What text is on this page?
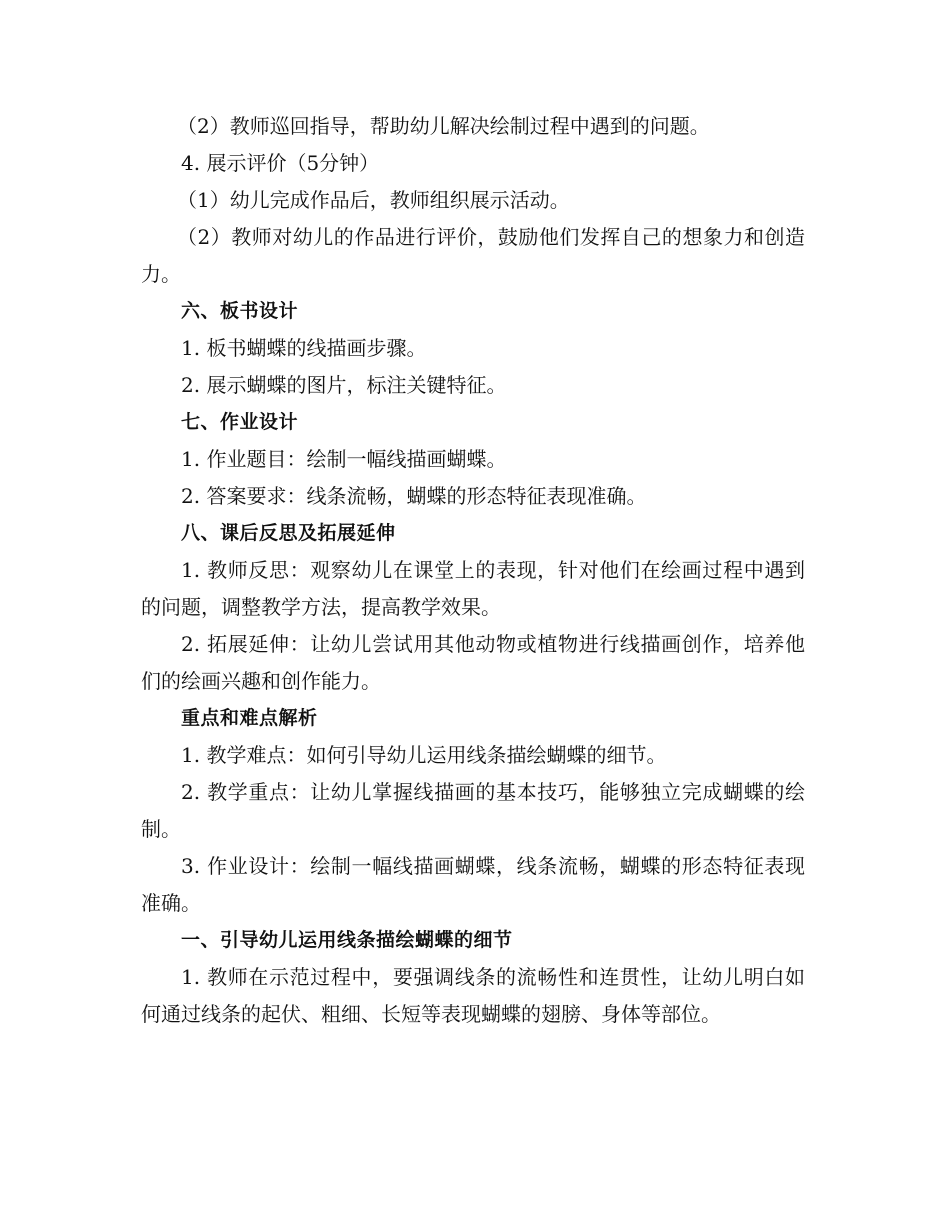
（2）教师巡回指导，帮助幼儿解决绘制过程中遇到的问题。

4. 展示评价（5分钟）

（1）幼儿完成作品后，教师组织展示活动。

（2）教师对幼儿的作品进行评价，鼓励他们发挥自己的想象力和创造力。

六、板书设计

1. 板书蝴蝶的线描画步骤。

2. 展示蝴蝶的图片，标注关键特征。

七、作业设计

1. 作业题目：绘制一幅线描画蝴蝶。

2. 答案要求：线条流畅，蝴蝶的形态特征表现准确。

八、课后反思及拓展延伸

1. 教师反思：观察幼儿在课堂上的表现，针对他们在绘画过程中遇到的问题，调整教学方法，提高教学效果。

2. 拓展延伸：让幼儿尝试用其他动物或植物进行线描画创作，培养他们的绘画兴趣和创作能力。

重点和难点解析

1. 教学难点：如何引导幼儿运用线条描绘蝴蝶的细节。

2. 教学重点：让幼儿掌握线描画的基本技巧，能够独立完成蝴蝶的绘制。

3. 作业设计：绘制一幅线描画蝴蝶，线条流畅，蝴蝶的形态特征表现准确。

一、引导幼儿运用线条描绘蝴蝶的细节

1. 教师在示范过程中，要强调线条的流畅性和连贯性，让幼儿明白如何通过线条的起伏、粗细、长短等表现蝴蝶的翅膀、身体等部位。
